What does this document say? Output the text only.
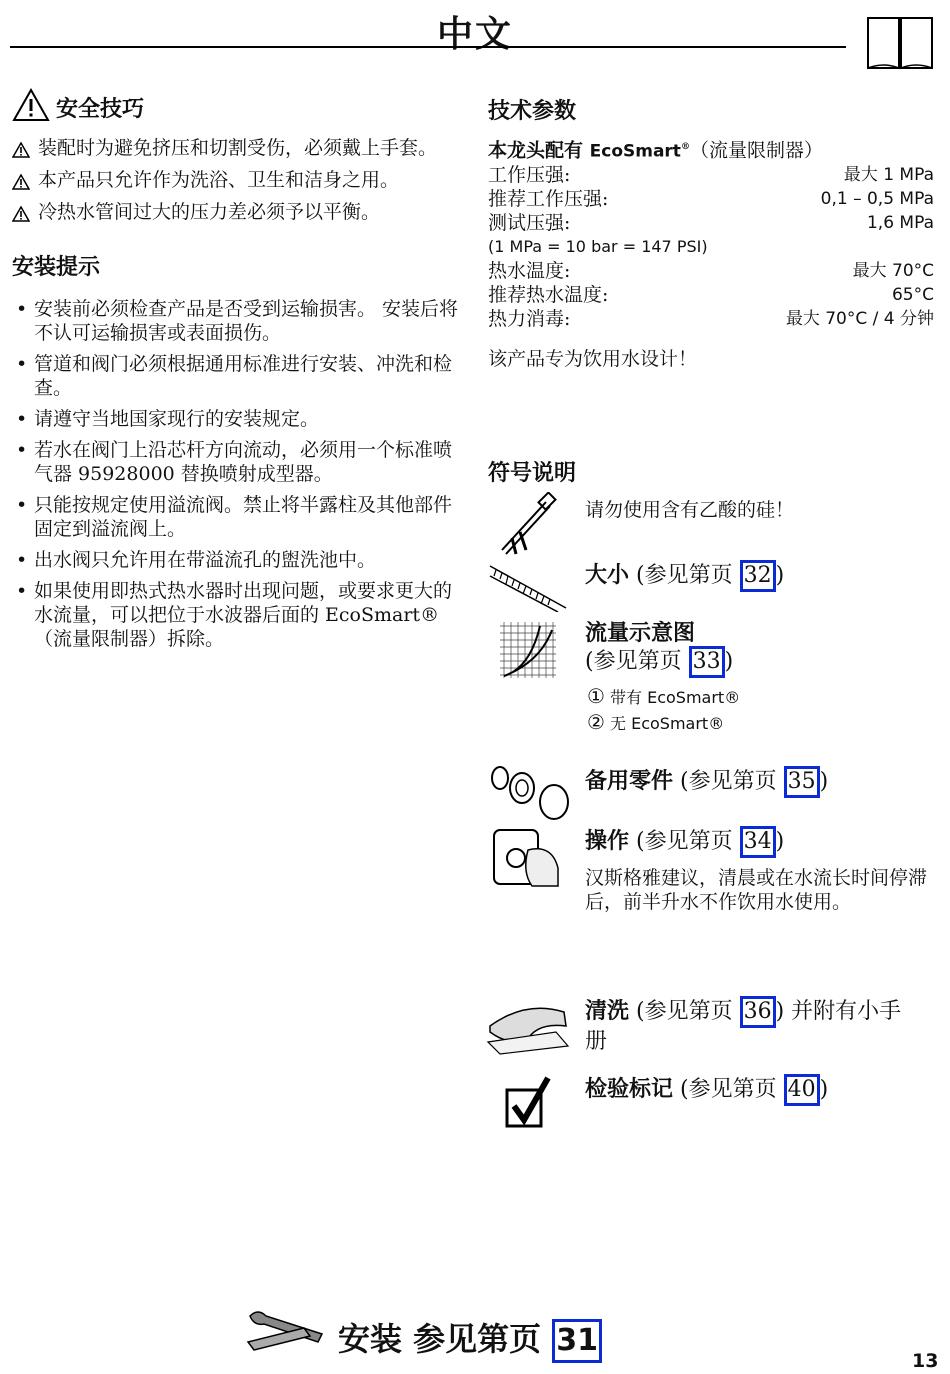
中文
安全技巧
装配时为避免挤压和切割受伤，必须戴上手套。
本产品只允许作为洗浴、卫生和洁身之用。
冷热水管间过大的压力差必须予以平衡。
安装提示
• 安装前必须检查产品是否受到运输损害。 安装后将不认可运输损害或表面损伤。
• 管道和阀门必须根据通用标准进行安装、冲洗和检查。
• 请遵守当地国家现行的安装规定。
• 若水在阀门上沿芯杆方向流动，必须用一个标准喷气器 95928000 替换喷射成型器。
• 只能按规定使用溢流阀。禁止将半露柱及其他部件固定到溢流阀上。
• 出水阀只允许用在带溢流孔的盥洗池中。
• 如果使用即热式热水器时出现问题，或要求更大的水流量，可以把位于水波器后面的 EcoSmart® （流量限制器）拆除。
技术参数
本龙头配有 EcoSmart®（流量限制器）
工作压强:	最大 1 MPa
推荐工作压强:	0,1 – 0,5 MPa
测试压强:	1,6 MPa
(1 MPa = 10 bar = 147 PSI)
热水温度:	最大 70°C
推荐热水温度:	65°C
热力消毒:	最大 70°C / 4 分钟
该产品专为饮用水设计！
符号说明
请勿使用含有乙酸的硅！
大小 (参见第页 32 )
流量示意图
(参见第页 33 )
① 带有 EcoSmart®
② 无 EcoSmart®
备用零件 (参见第页 35 )
操作 (参见第页 34 )
汉斯格雅建议，清晨或在水流长时间停滞后，前半升水不作饮用水使用。
清洗 (参见第页 36 ) 并附有小手册
检验标记 (参见第页 40 )
安装 参见第页 31
13
